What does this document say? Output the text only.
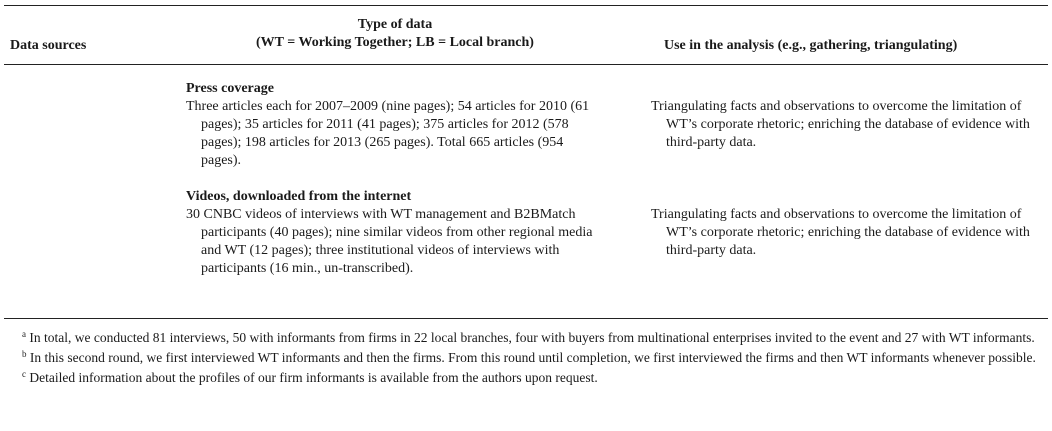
Data sources
Type of data
(WT = Working Together; LB = Local branch)	Use in the analysis (e.g., gathering, triangulating)
Press coverage

Three articles each for 2007–2009 (nine pages); 54 articles for 2010 (61 pages); 35 articles for 2011 (41 pages); 375 articles for 2012 (578 pages); 198 articles for 2013 (265 pages). Total 665 articles (954 pages).

Triangulating facts and observations to overcome the limitation of WT’s corporate rhetoric; enriching the database of evidence with third-party data.

Videos, downloaded from the internet

30 CNBC videos of interviews with WT management and B2BMatch participants (40 pages); nine similar videos from other regional media and WT (12 pages); three institutional videos of interviews with participants (16 min., un-transcribed).

Triangulating facts and observations to overcome the limitation of WT’s corporate rhetoric; enriching the database of evidence with third-party data.

$^a$ In total, we conducted 81 interviews, 50 with informants from firms in 22 local branches, four with buyers from multinational enterprises invited to the event and 27 with WT informants.

$^b$ In this second round, we first interviewed WT informants and then the firms. From this round until completion, we first interviewed the firms and then WT informants whenever possible.

$^c$ Detailed information about the profiles of our firm informants is available from the authors upon request.
